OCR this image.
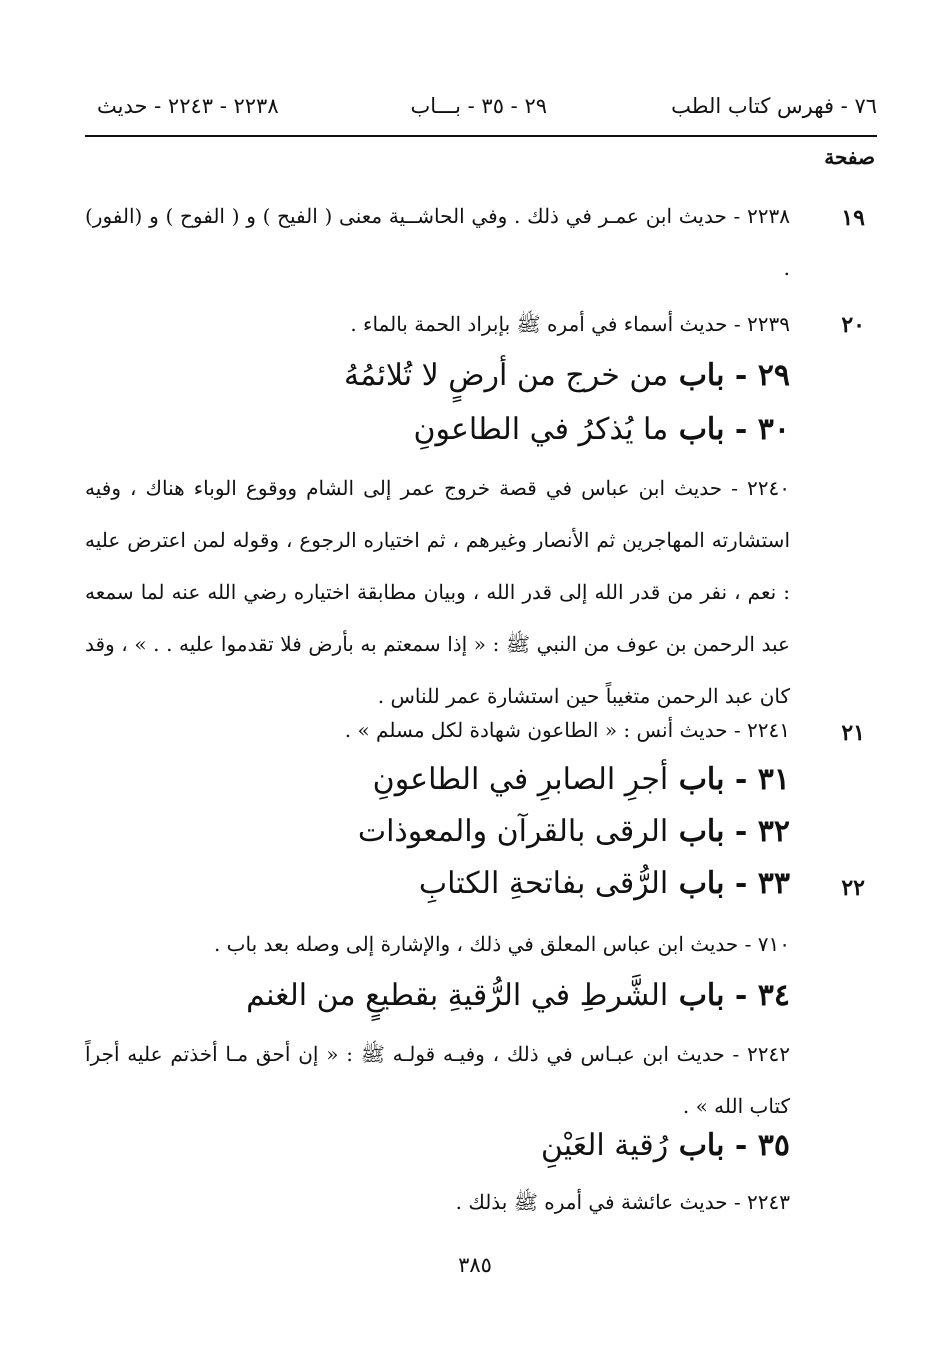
٧٦ - فهرس كتاب الطب
٢٩ - ٣٥ - بـــاب
٢٢٣٨ - ٢٢٤٣ - حديث
صفحة
١٩
٢٢٣٨ - حديث ابن عمـر في ذلك . وفي الحاشــية معنى ( الفيح ) و ( الفوح ) و (الفور) .
٢٠
٢٢٣٩ - حديث أسماء في أمره ﷺ بإبراد الحمة بالماء .
٢٩ - باب من خرج من أرضٍ لا تُلائمُهُ
٣٠ - باب ما يُذكرُ في الطاعونِ
٢٢٤٠ - حديث ابن عباس في قصة خروج عمر إلى الشام ووقوع الوباء هناك ، وفيه استشارته المهاجرين ثم الأنصار وغيرهم ، ثم اختياره الرجوع ، وقوله لمن اعترض عليه : نعم ، نفر من قدر الله إلى قدر الله ، وبيان مطابقة اختياره رضي الله عنه لما سمعه عبد الرحمن بن عوف من النبي ﷺ : « إذا سمعتم به بأرض فلا تقدموا عليه . . » ، وقد كان عبد الرحمن متغيباً حين استشارة عمر للناس .
٢١
٢٢٤١ - حديث أنس : « الطاعون شهادة لكل مسلم » .
٣١ - باب أجرِ الصابرِ في الطاعونِ
٣٢ - باب الرقى بالقرآن والمعوذات
٢٢
٣٣ - باب الرُّقى بفاتحةِ الكتابِ
٧١٠ - حديث ابن عباس المعلق في ذلك ، والإشارة إلى وصله بعد باب .
٣٤ - باب الشَّرطِ في الرُّقيةِ بقطيعٍ من الغنم
٢٢٤٢ - حديث ابن عبـاس في ذلك ، وفيـه قولـه ﷺ : « إن أحق مـا أخذتم عليه أجراً كتاب الله » .
٣٥ - باب رُقية العَيْنِ
٢٢٤٣ - حديث عائشة في أمره ﷺ بذلك .
٣٨٥
